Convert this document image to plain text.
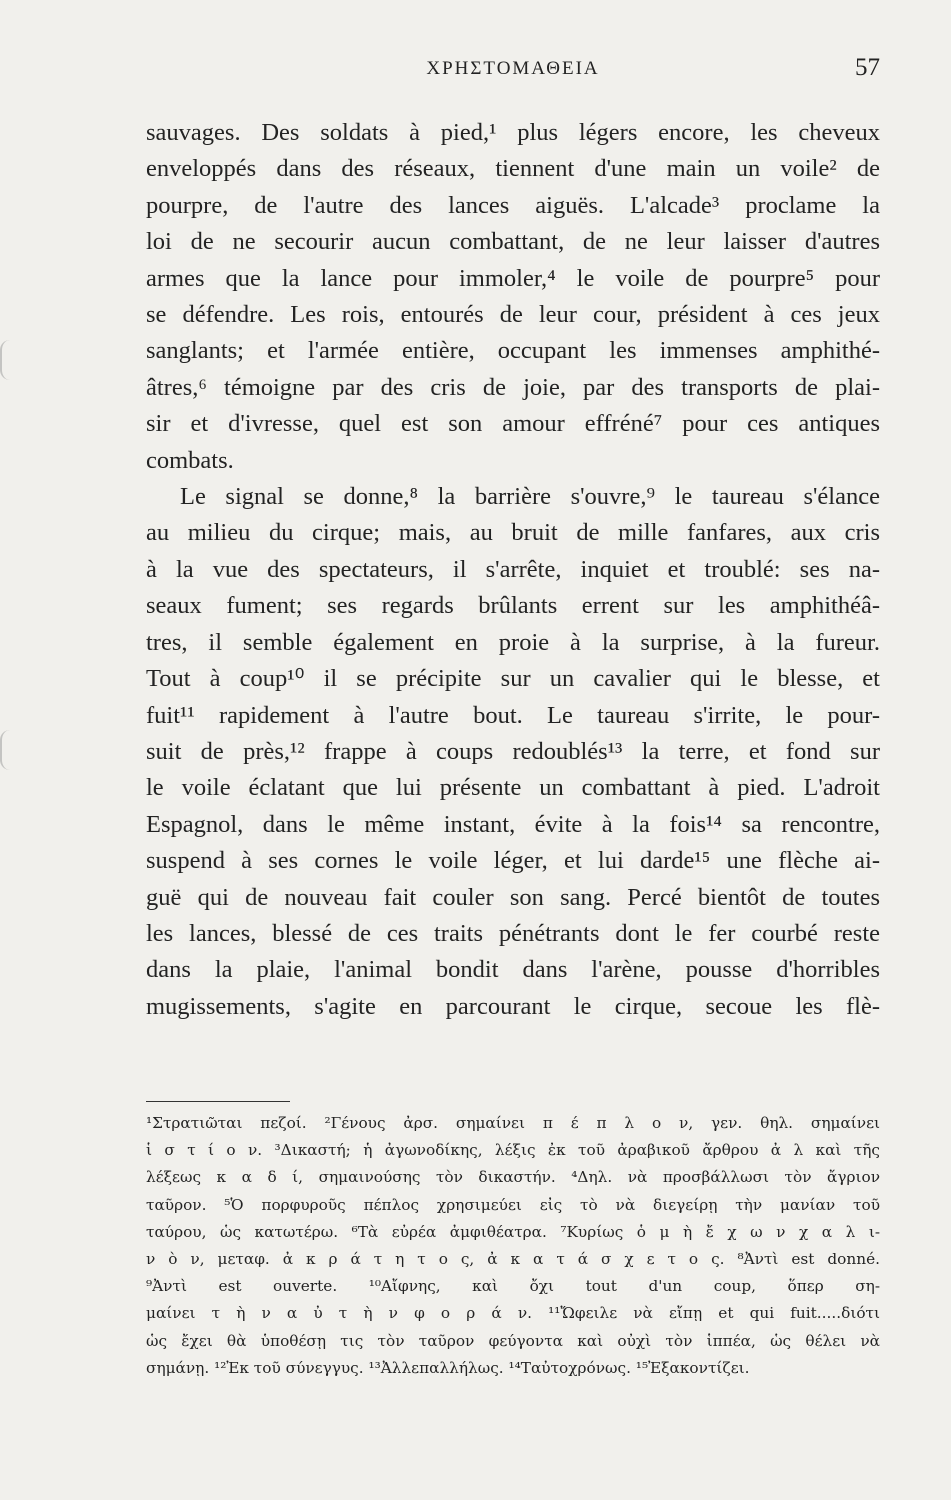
ΧΡΗΣΤΟΜΑΘΕΙΑ	57
sauvages. Des soldats à pied,¹ plus légers encore, les cheveux
enveloppés dans des réseaux, tiennent d'une main un voile² de
pourpre, de l'autre des lances aiguës. L'alcade³ proclame la
loi de ne secourir aucun combattant, de ne leur laisser d'autres
armes que la lance pour immoler,⁴ le voile de pourpre⁵ pour
se défendre. Les rois, entourés de leur cour, président à ces jeux
sanglants; et l'armée entière, occupant les immenses amphithé-
âtres,⁶ témoigne par des cris de joie, par des transports de plai-
sir et d'ivresse, quel est son amour effréné⁷ pour ces antiques
combats.
Le signal se donne,⁸ la barrière s'ouvre,⁹ le taureau s'élance
au milieu du cirque; mais, au bruit de mille fanfares, aux cris
à la vue des spectateurs, il s'arrête, inquiet et troublé: ses na-
seaux fument; ses regards brûlants errent sur les amphithéâ-
tres, il semble également en proie à la surprise, à la fureur.
Tout à coup¹⁰ il se précipite sur un cavalier qui le blesse, et
fuit¹¹ rapidement à l'autre bout. Le taureau s'irrite, le pour-
suit de près,¹² frappe à coups redoublés¹³ la terre, et fond sur
le voile éclatant que lui présente un combattant à pied. L'adroit
Espagnol, dans le même instant, évite à la fois¹⁴ sa rencontre,
suspend à ses cornes le voile léger, et lui darde¹⁵ une flèche ai-
guë qui de nouveau fait couler son sang. Percé bientôt de toutes
les lances, blessé de ces traits pénétrants dont le fer courbé reste
dans la plaie, l'animal bondit dans l'arène, pousse d'horribles
mugissements, s'agite en parcourant le cirque, secoue les flè-
¹Στρατιῶται πεζοί. ²Γένους ἀρσ. σημαίνει π έ π λ ο ν, γεν. θηλ. σημαίνει
ἱ σ τ ί ο ν. ³Δικαστή; ἡ ἀγωνοδίκης, λέξις ἐκ τοῦ ἀραβικοῦ ἄρθρου ἀ λ καὶ τῆς
λέξεως κ α δ ί, σημαινούσης τὸν δικαστήν. ⁴Δηλ. νὰ προσβάλλωσι τὸν ἄγριον
ταῦρον. ⁵Ὁ πορφυροῦς πέπλος χρησιμεύει εἰς τὸ νὰ διεγείρῃ τὴν μανίαν τοῦ
ταύρου, ὡς κατωτέρω. ⁶Τὰ εὐρέα ἀμφιθέατρα. ⁷Κυρίως ὁ μ ὴ ἔ χ ω ν χ α λ ι-
ν ὸ ν, μεταφ. ἀ κ ρ ά τ η τ ο ς, ἀ κ α τ ά σ χ ε τ ο ς. ⁸Ἀντὶ est donné.
⁹Ἀντὶ est ouverte. ¹⁰Αἴφνης, καὶ ὄχι tout d'un coup, ὅπερ ση-
μαίνει τ ὴ ν α ὐ τ ὴ ν φ ο ρ ά ν. ¹¹Ὤφειλε νὰ εἴπῃ et qui fuit.....διότι
ὡς ἔχει θὰ ὑποθέσῃ τις τὸν ταῦρον φεύγοντα καὶ οὐχὶ τὸν ἱππέα, ὡς θέλει νὰ
σημάνῃ. ¹²Ἐκ τοῦ σύνεγγυς. ¹³Ἀλλεπαλλήλως. ¹⁴Ταὐτοχρόνως. ¹⁵Ἐξακοντίζει.
